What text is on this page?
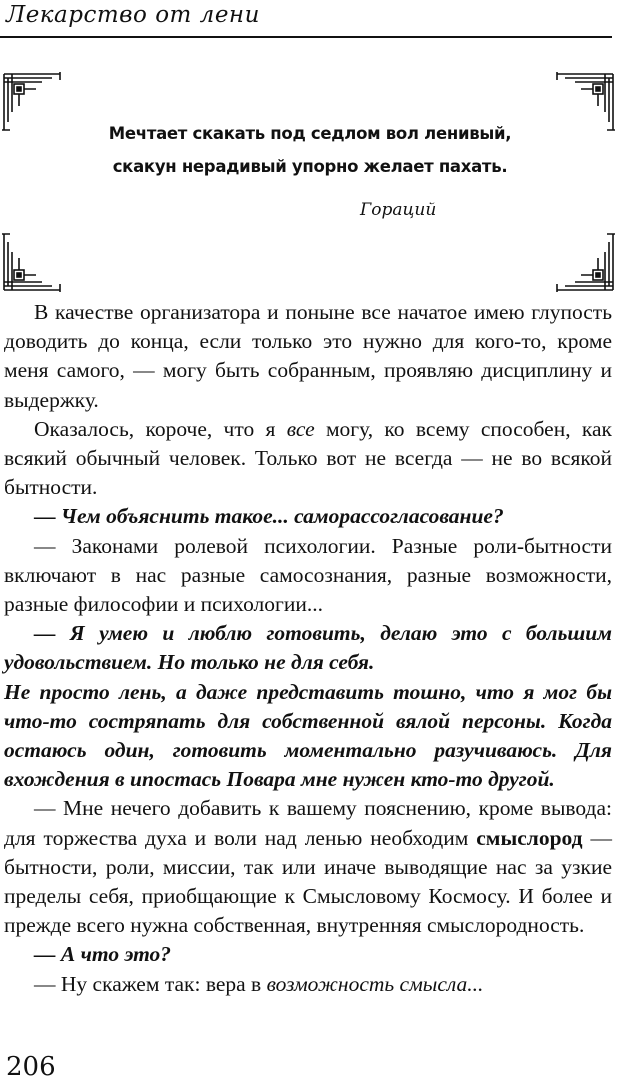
Лекарство от лени
Мечтает скакать под седлом вол ленивый,
скакун нерадивый упорно желает пахать.
Гораций

В качестве организатора и поныне все начатое имею глупость доводить до конца, если только это нужно для кого-то, кроме меня самого, — могу быть собранным, проявляю дисциплину и выдержку.

Оказалось, короче, что я все могу, ко всему способен, как всякий обычный человек. Только вот не всегда — не во всякой бытности.

— Чем объяснить такое... саморассогласование?

— Законами ролевой психологии. Разные роли-бытности включают в нас разные самосознания, разные возможности, разные философии и психологии...

— Я умею и люблю готовить, делаю это с большим удовольствием. Но только не для себя.

Не просто лень, а даже представить тошно, что я мог бы что-то состряпать для собственной вялой персоны. Когда остаюсь один, готовить моментально разучиваюсь. Для вхождения в ипостась Повара мне нужен кто-то другой.

— Мне нечего добавить к вашему пояснению, кроме вывода: для торжества духа и воли над ленью необходим смыслород — бытности, роли, миссии, так или иначе выводящие нас за узкие пределы себя, приобщающие к Смысловому Космосу. И более и прежде всего нужна собственная, внутренняя смыслородность.

— А что это?

— Ну скажем так: вера в возможность смысла...

206
